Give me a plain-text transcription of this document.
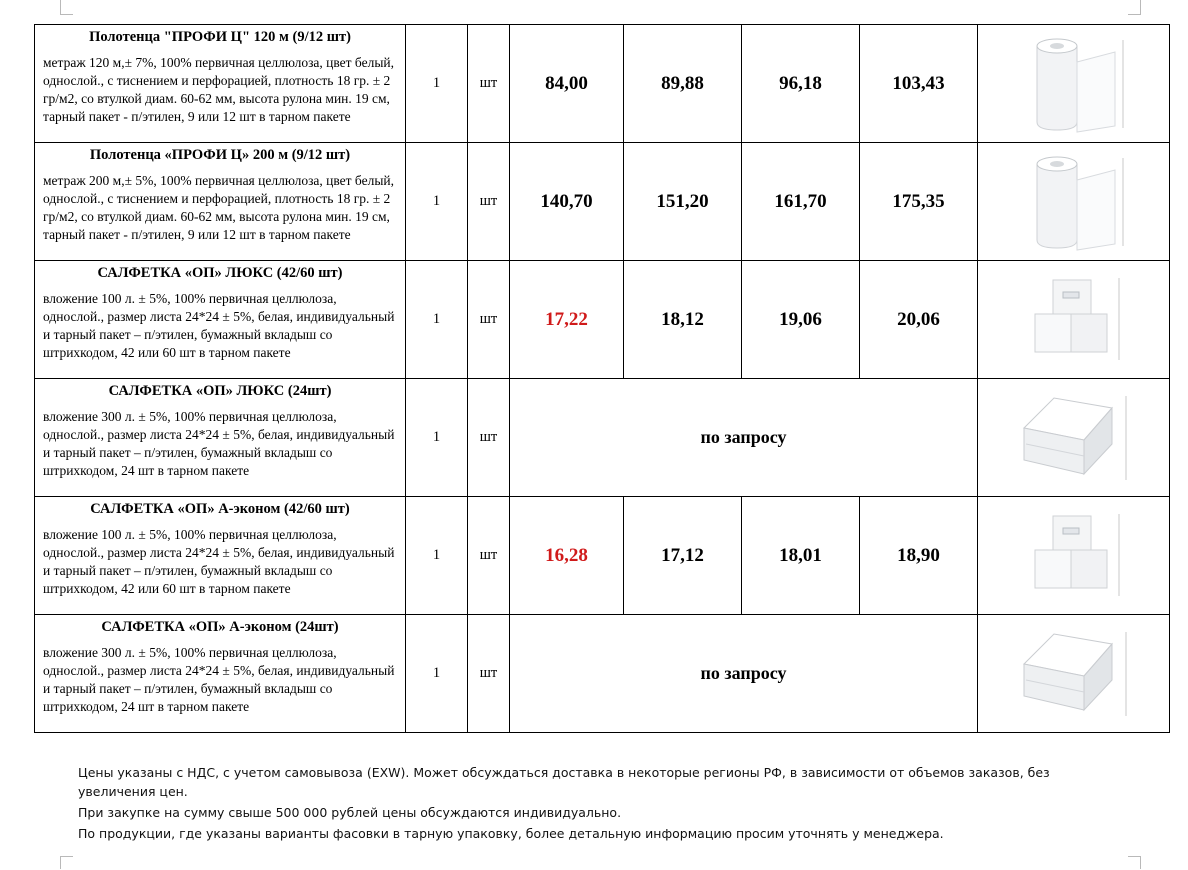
Полотенца "ПРОФИ Ц" 120 м (9/12 шт)
метраж 120 м,± 7%, 100% первичная целлюлоза, цвет белый, однослой., с тиснением и перфорацией, плотность 18 гр. ± 2 гр/м2, со втулкой диам. 60-62 мм, высота рулона мин. 19 см, тарный пакет - п/этилен, 9 или 12 шт в тарном пакете	1	шт	84,00	89,88	96,18	103,43	

Полотенца «ПРОФИ Ц» 200 м (9/12 шт)
метраж 200 м,± 5%, 100% первичная целлюлоза, цвет белый, однослой., с тиснением и перфорацией, плотность 18 гр. ± 2 гр/м2, со втулкой диам. 60-62 мм, высота рулона мин. 19 см, тарный пакет - п/этилен, 9 или 12 шт в тарном пакете	1	шт	140,70	151,20	161,70	175,35	

САЛФЕТКА «ОП» ЛЮКС (42/60 шт)
вложение 100 л. ± 5%, 100% первичная целлюлоза, однослой., размер листа 24*24 ± 5%, белая, индивидуальный и тарный пакет – п/этилен, бумажный вкладыш со штрихкодом, 42 или 60 шт в тарном пакете	1	шт	17,22	18,12	19,06	20,06	

САЛФЕТКА «ОП» ЛЮКС (24шт)
вложение 300 л. ± 5%, 100% первичная целлюлоза, однослой., размер листа 24*24 ± 5%, белая, индивидуальный и тарный пакет – п/этилен, бумажный вкладыш со штрихкодом, 24 шт в тарном пакете	1	шт	по запросу	

САЛФЕТКА «ОП» А-эконом (42/60 шт)
вложение 100 л. ± 5%, 100% первичная целлюлоза, однослой., размер листа 24*24 ± 5%, белая, индивидуальный и тарный пакет – п/этилен, бумажный вкладыш со штрихкодом, 42 или 60 шт в тарном пакете	1	шт	16,28	17,12	18,01	18,90	

САЛФЕТКА «ОП» А-эконом (24шт)
вложение 300 л. ± 5%, 100% первичная целлюлоза, однослой., размер листа 24*24 ± 5%, белая, индивидуальный и тарный пакет – п/этилен, бумажный вкладыш со штрихкодом, 24 шт в тарном пакете	1	шт	по запросу	

Цены указаны с НДС, с учетом самовывоза (EXW). Может обсуждаться доставка в некоторые регионы РФ, в зависимости от объемов заказов, без увеличения цен.

При закупке на сумму свыше 500 000 рублей цены обсуждаются индивидуально.

По продукции, где указаны варианты фасовки в тарную упаковку, более детальную информацию просим уточнять у менеджера.
